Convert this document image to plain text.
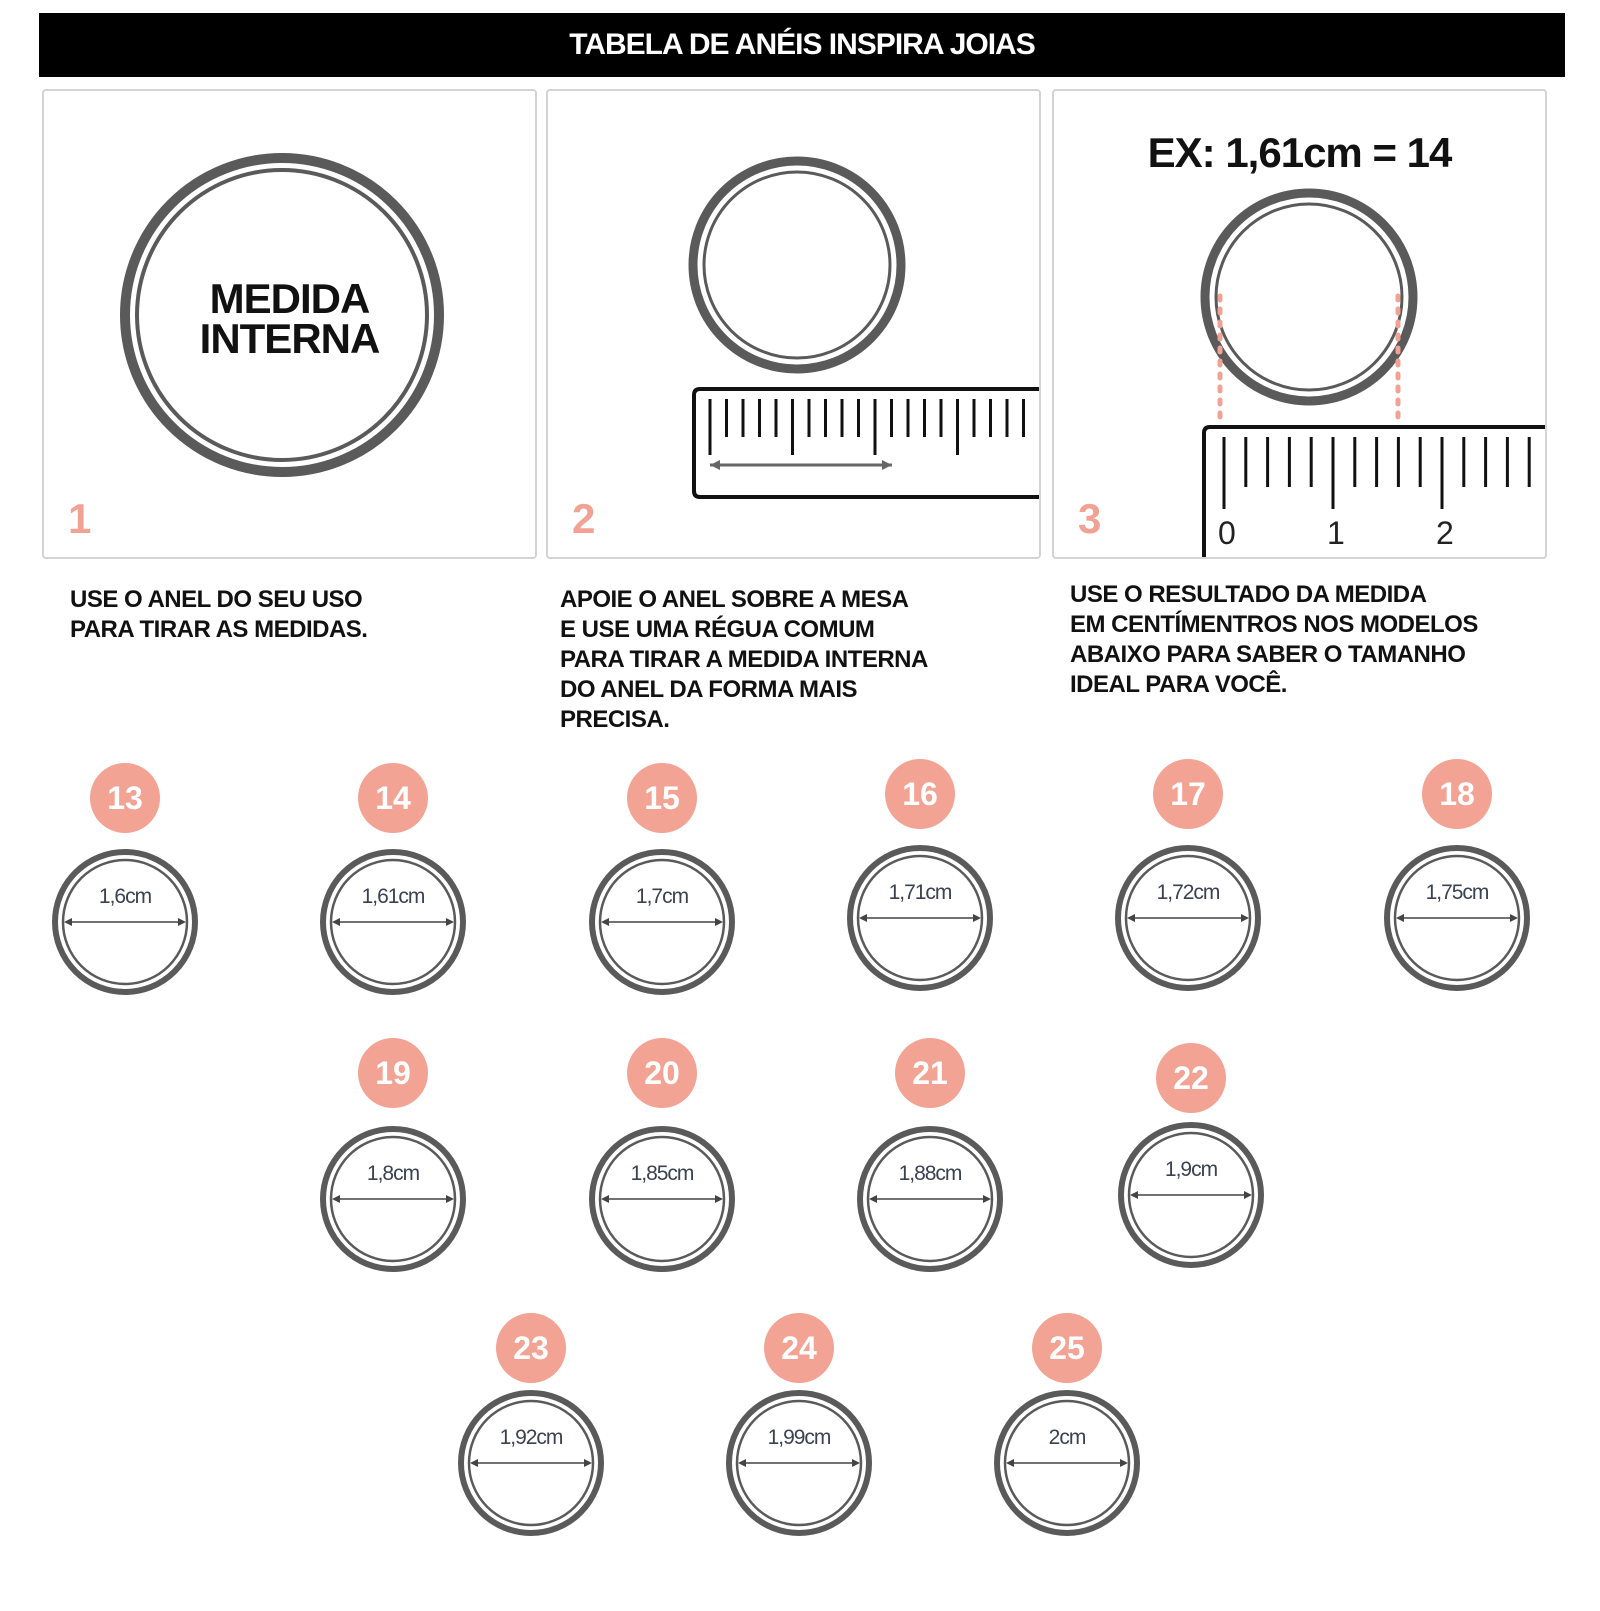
TABELA DE ANÉIS INSPIRA JOIAS
MEDIDA
INTERNA
1	2
EX: 1,61cm = 14
0	1	2
3
USE O ANEL DO SEU USO
PARA TIRAR AS MEDIDAS.
APOIE O ANEL SOBRE A MESA
E USE UMA RÉGUA COMUM
PARA TIRAR A MEDIDA INTERNA
DO ANEL DA FORMA MAIS
PRECISA.
USE O RESULTADO DA MEDIDA
EM CENTÍMENTROS NOS MODELOS
ABAIXO PARA SABER O TAMANHO
IDEAL PARA VOCÊ.
13
1,6cm
14
1,61cm
15
1,7cm
16
1,71cm
17
1,72cm
18
1,75cm
19
1,8cm
20
1,85cm
21
1,88cm
22
1,9cm
23
1,92cm
24
1,99cm
25
2cm
